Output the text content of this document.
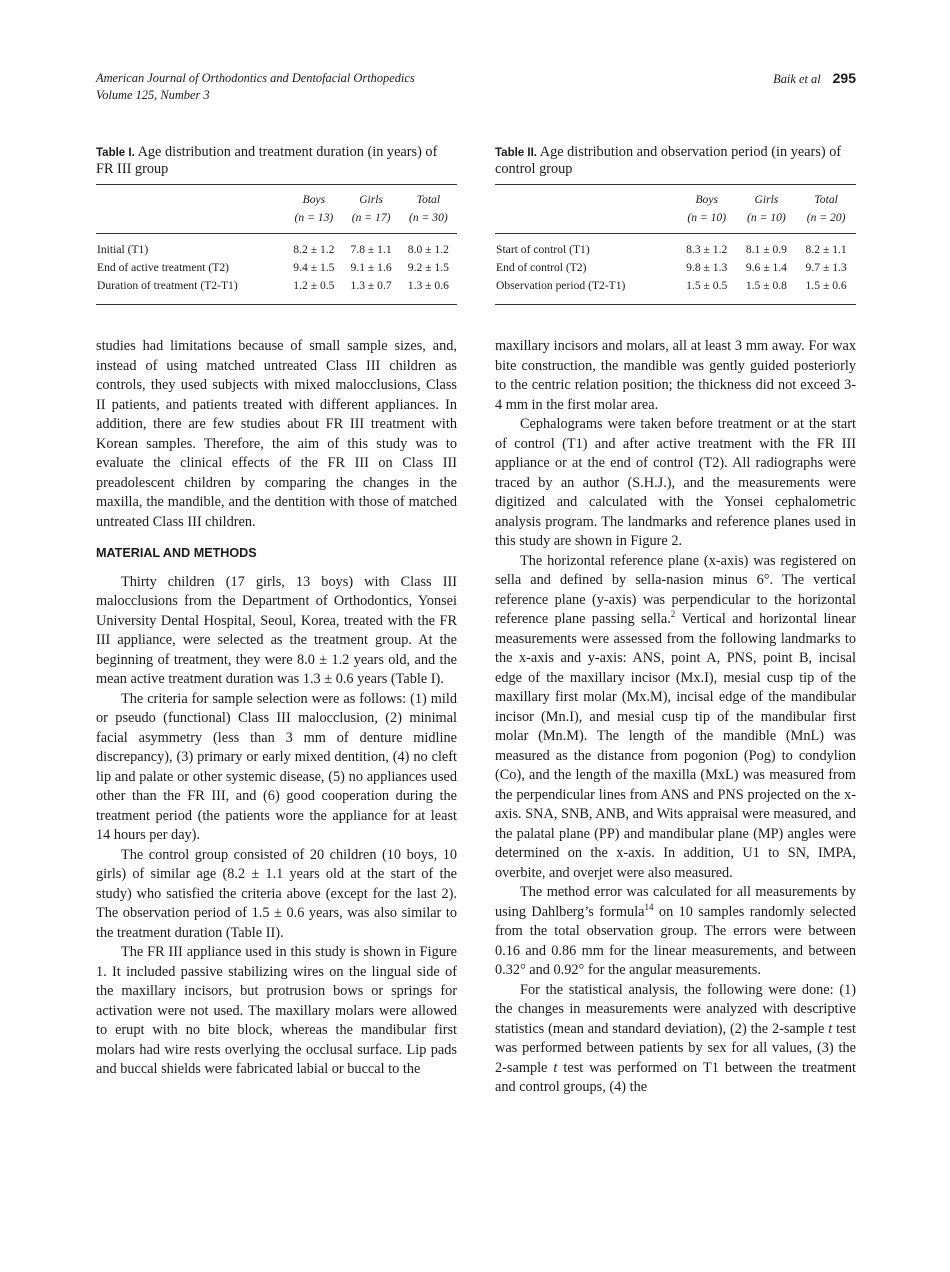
American Journal of Orthodontics and Dentofacial Orthopedics
Volume 125, Number 3
Baik et al 295
Table I. Age distribution and treatment duration (in years) of FR III group
	Boys	Girls	Total
	(n = 13)	(n = 17)	(n = 30)
Initial (T1)	8.2 ± 1.2	7.8 ± 1.1	8.0 ± 1.2
End of active treatment (T2)	9.4 ± 1.5	9.1 ± 1.6	9.2 ± 1.5
Duration of treatment (T2-T1)	1.2 ± 0.5	1.3 ± 0.7	1.3 ± 0.6
Table II. Age distribution and observation period (in years) of control group
	Boys	Girls	Total
	(n = 10)	(n = 10)	(n = 20)
Start of control (T1)	8.3 ± 1.2	8.1 ± 0.9	8.2 ± 1.1
End of control (T2)	9.8 ± 1.3	9.6 ± 1.4	9.7 ± 1.3
Observation period (T2-T1)	1.5 ± 0.5	1.5 ± 0.8	1.5 ± 0.6

studies had limitations because of small sample sizes, and, instead of using matched untreated Class III children as controls, they used subjects with mixed malocclusions, Class II patients, and patients treated with different appliances. In addition, there are few studies about FR III treatment with Korean samples. Therefore, the aim of this study was to evaluate the clinical effects of the FR III on Class III preadolescent children by comparing the changes in the maxilla, the mandible, and the dentition with those of matched untreated Class III children.

MATERIAL AND METHODS

Thirty children (17 girls, 13 boys) with Class III malocclusions from the Department of Orthodontics, Yonsei University Dental Hospital, Seoul, Korea, treated with the FR III appliance, were selected as the treatment group. At the beginning of treatment, they were 8.0 ± 1.2 years old, and the mean active treatment duration was 1.3 ± 0.6 years (Table I).

The criteria for sample selection were as follows: (1) mild or pseudo (functional) Class III malocclusion, (2) minimal facial asymmetry (less than 3 mm of denture midline discrepancy), (3) primary or early mixed dentition, (4) no cleft lip and palate or other systemic disease, (5) no appliances used other than the FR III, and (6) good cooperation during the treatment period (the patients wore the appliance for at least 14 hours per day).

The control group consisted of 20 children (10 boys, 10 girls) of similar age (8.2 ± 1.1 years old at the start of the study) who satisfied the criteria above (except for the last 2). The observation period of 1.5 ± 0.6 years, was also similar to the treatment duration (Table II).

The FR III appliance used in this study is shown in Figure 1. It included passive stabilizing wires on the lingual side of the maxillary incisors, but protrusion bows or springs for activation were not used. The maxillary molars were allowed to erupt with no bite block, whereas the mandibular first molars had wire rests overlying the occlusal surface. Lip pads and buccal shields were fabricated labial or buccal to the

maxillary incisors and molars, all at least 3 mm away. For wax bite construction, the mandible was gently guided posteriorly to the centric relation position; the thickness did not exceed 3-4 mm in the first molar area.

Cephalograms were taken before treatment or at the start of control (T1) and after active treatment with the FR III appliance or at the end of control (T2). All radiographs were traced by an author (S.H.J.), and the measurements were digitized and calculated with the Yonsei cephalometric analysis program. The landmarks and reference planes used in this study are shown in Figure 2.

The horizontal reference plane (x-axis) was registered on sella and defined by sella-nasion minus 6°. The vertical reference plane (y-axis) was perpendicular to the horizontal reference plane passing sella.$^2$ Vertical and horizontal linear measurements were assessed from the following landmarks to the x-axis and y-axis: ANS, point A, PNS, point B, incisal edge of the maxillary incisor (Mx.I), mesial cusp tip of the maxillary first molar (Mx.M), incisal edge of the mandibular incisor (Mn.I), and mesial cusp tip of the mandibular first molar (Mn.M). The length of the mandible (MnL) was measured as the distance from pogonion (Pog) to condylion (Co), and the length of the maxilla (MxL) was measured from the perpendicular lines from ANS and PNS projected on the x-axis. SNA, SNB, ANB, and Wits appraisal were measured, and the palatal plane (PP) and mandibular plane (MP) angles were determined on the x-axis. In addition, U1 to SN, IMPA, overbite, and overjet were also measured.

The method error was calculated for all measurements by using Dahlberg’s formula$^{14}$ on 10 samples randomly selected from the total observation group. The errors were between 0.16 and 0.86 mm for the linear measurements, and between 0.32° and 0.92° for the angular measurements.

For the statistical analysis, the following were done: (1) the changes in measurements were analyzed with descriptive statistics (mean and standard deviation), (2) the 2-sample t test was performed between patients by sex for all values, (3) the 2-sample t test was performed on T1 between the treatment and control groups, (4) the
